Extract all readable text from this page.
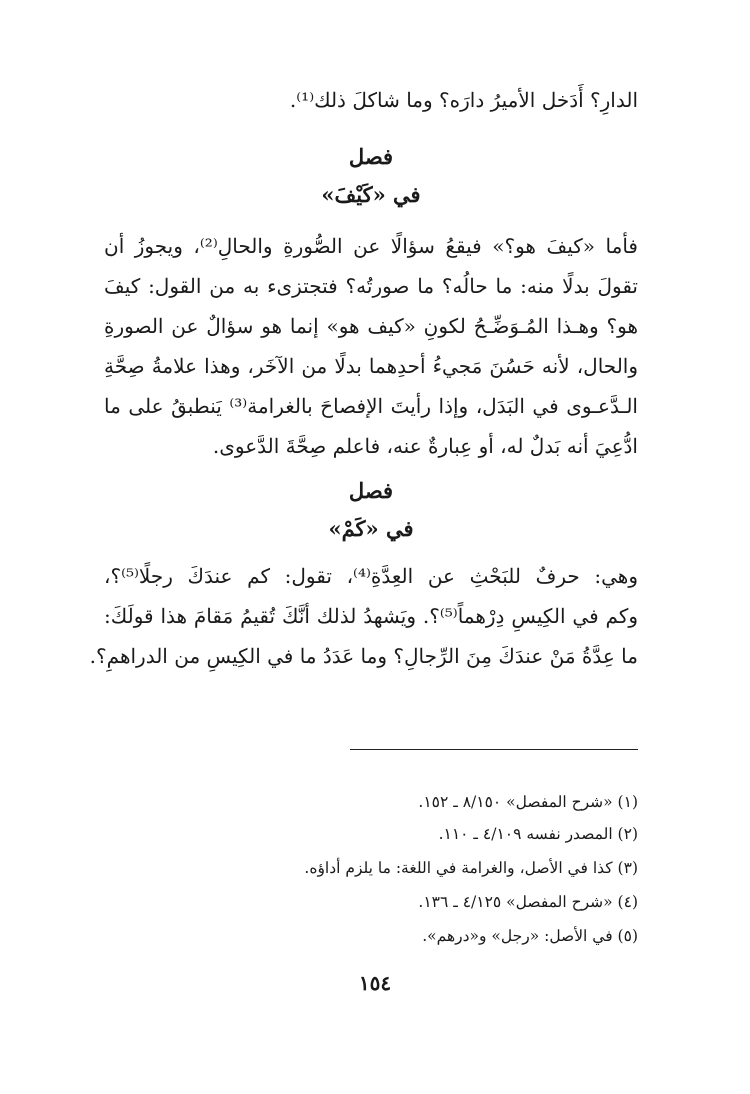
الدارِ؟ أَدَخل الأميرُ دارَه؟ وما شاكلَ ذلك⁽¹⁾.
فصل
في «كَيْفَ»
فأما «كيفَ هو؟» فيقعُ سؤالًا عن الصُّورةِ والحالِ⁽²⁾، ويجوزُ أن
تقولَ بدلًا منه: ما حالُه؟ ما صورتُه؟ فتجتزىء به من القول: كيفَ
هو؟ وهـذا المُـوَضِّـحُ لكونِ «كيف هو» إنما هو سؤالٌ عن الصورةِ
والحال، لأنه حَسُنَ مَجيءُ أحدِهما بدلًا من الآخَر، وهذا علامةُ صِحَّةِ
الـدَّعـوى في البَدَل، وإذا رأيتَ الإفصاحَ بالغرامة⁽³⁾ يَنطبقُ على ما
ادُّعِيَ أنه بَدلٌ له، أو عِبارةٌ عنه، فاعلم صِحَّةَ الدَّعوى.
فصل
في «كَمْ»
وهي: حرفٌ للبَحْثِ عن العِدَّةِ⁽⁴⁾، تقول: كم عندَكَ رجلًا⁽⁵⁾؟،
وكم في الكِيسِ دِرْهماً⁽⁵⁾؟. ويَشهدُ لذلك أنَّكَ تُقيمُ مَقامَ هذا قولَكَ:
ما عِدَّةُ مَنْ عندَكَ مِنَ الرِّجالِ؟ وما عَدَدُ ما في الكِيسِ من الدراهمِ؟.
(١) «شرح المفصل» ٨/١٥٠ ـ ١٥٢.
(٢) المصدر نفسه ٤/١٠٩ ـ ١١٠.
(٣) كذا في الأصل، والغرامة في اللغة: ما يلزم أداؤه.
(٤) «شرح المفصل» ٤/١٢٥ ـ ١٣٦.
(٥) في الأصل: «رجل» و«درهم».
١٥٤
